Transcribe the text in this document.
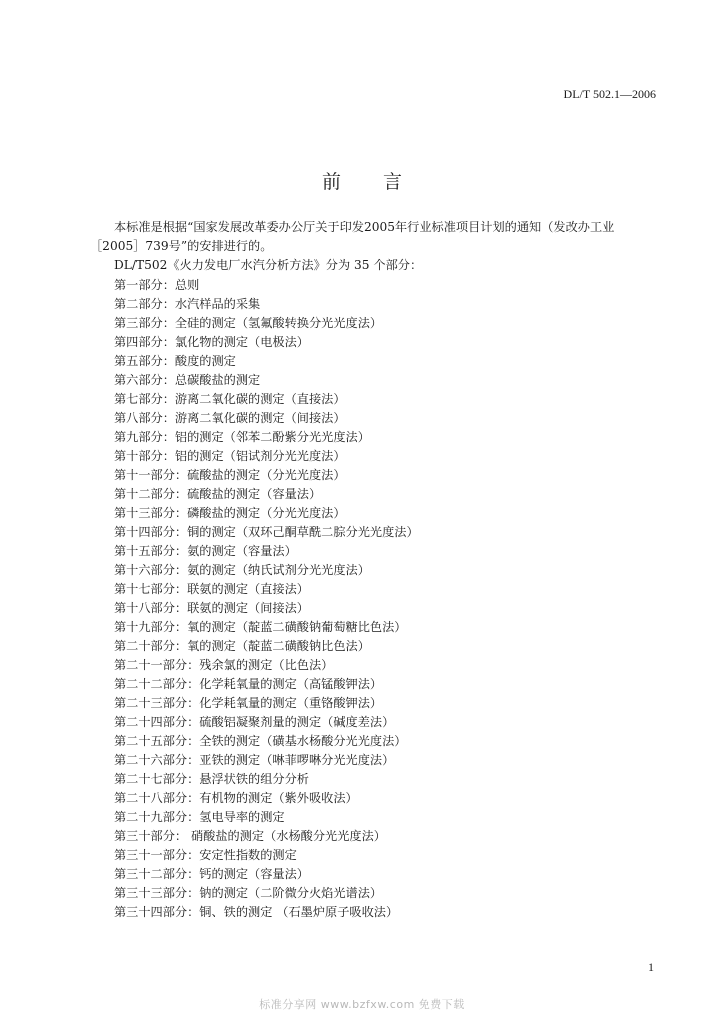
DL/T 502.1—2006
前言

本标准是根据“国家发展改革委办公厅关于印发2005年行业标准项目计划的通知（发改办工业

［2005］739号”的安排进行的。

DL/T502《火力发电厂水汽分析方法》分为 35 个部分：

第一部分：总则
第二部分：水汽样品的采集
第三部分：全硅的测定（氢氟酸转换分光光度法）
第四部分：氯化物的测定（电极法）
第五部分：酸度的测定
第六部分：总碳酸盐的测定
第七部分：游离二氧化碳的测定（直接法）
第八部分：游离二氧化碳的测定（间接法）
第九部分：铝的测定（邻苯二酚紫分光光度法）
第十部分：铝的测定（铝试剂分光光度法）
第十一部分：硫酸盐的测定（分光光度法）
第十二部分：硫酸盐的测定（容量法）
第十三部分：磷酸盐的测定（分光光度法）
第十四部分：铜的测定（双环己酮草酰二腙分光光度法）
第十五部分：氨的测定（容量法）
第十六部分：氨的测定（纳氏试剂分光光度法）
第十七部分：联氨的测定（直接法）
第十八部分：联氨的测定（间接法）
第十九部分：氧的测定（靛蓝二磺酸钠葡萄糖比色法）
第二十部分：氧的测定（靛蓝二磺酸钠比色法）
第二十一部分：残余氯的测定（比色法）
第二十二部分：化学耗氧量的测定（高锰酸钾法）
第二十三部分：化学耗氧量的测定（重铬酸钾法）
第二十四部分：硫酸铝凝聚剂量的测定（碱度差法）
第二十五部分：全铁的测定（磺基水杨酸分光光度法）
第二十六部分：亚铁的测定（啉菲啰啉分光光度法）
第二十七部分：悬浮状铁的组分分析
第二十八部分：有机物的测定（紫外吸收法）
第二十九部分：氢电导率的测定
第三十部分： 硝酸盐的测定（水杨酸分光光度法）
第三十一部分：安定性指数的测定
第三十二部分：钙的测定（容量法）
第三十三部分：钠的测定（二阶微分火焰光谱法）
第三十四部分：铜、铁的测定 （石墨炉原子吸收法）
1
标准分享网 www.bzfxw.com 免费下载
